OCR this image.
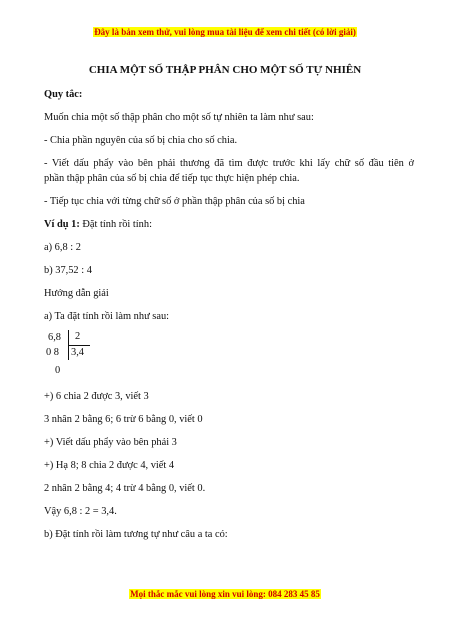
Đây là bản xem thử, vui lòng mua tài liệu để xem chi tiết (có lời giải)
CHIA MỘT SỐ THẬP PHÂN CHO MỘT SỐ TỰ NHIÊN
Quy tắc:
Muốn chia một số thập phân cho một số tự nhiên ta làm như sau:
- Chia phần nguyên của số bị chia cho số chia.
- Viết dấu phẩy vào bên phải thương đã tìm được trước khi lấy chữ số đầu tiên ở
phần thập phân của số bị chia để tiếp tục thực hiện phép chia.
- Tiếp tục chia với từng chữ số ở phần thập phân của số bị chia
Ví dụ 1: Đặt tính rồi tính:
a) 6,8 : 2
b) 37,52 : 4
Hướng dẫn giải
a) Ta đặt tính rồi làm như sau:
6,8 2
0 8 3,4
0
+) 6 chia 2 được 3, viết 3
3 nhân 2 bằng 6; 6 trừ 6 bằng 0, viết 0
+) Viết dấu phẩy vào bên phải 3
+) Hạ 8; 8 chia 2 được 4, viết 4
2 nhân 2 bằng 4; 4 trừ 4 bằng 0, viết 0.
Vậy 6,8 : 2 = 3,4.
b) Đặt tính rồi làm tương tự như câu a ta có:
Mọi thắc mắc vui lòng xin vui lòng: 084 283 45 85
